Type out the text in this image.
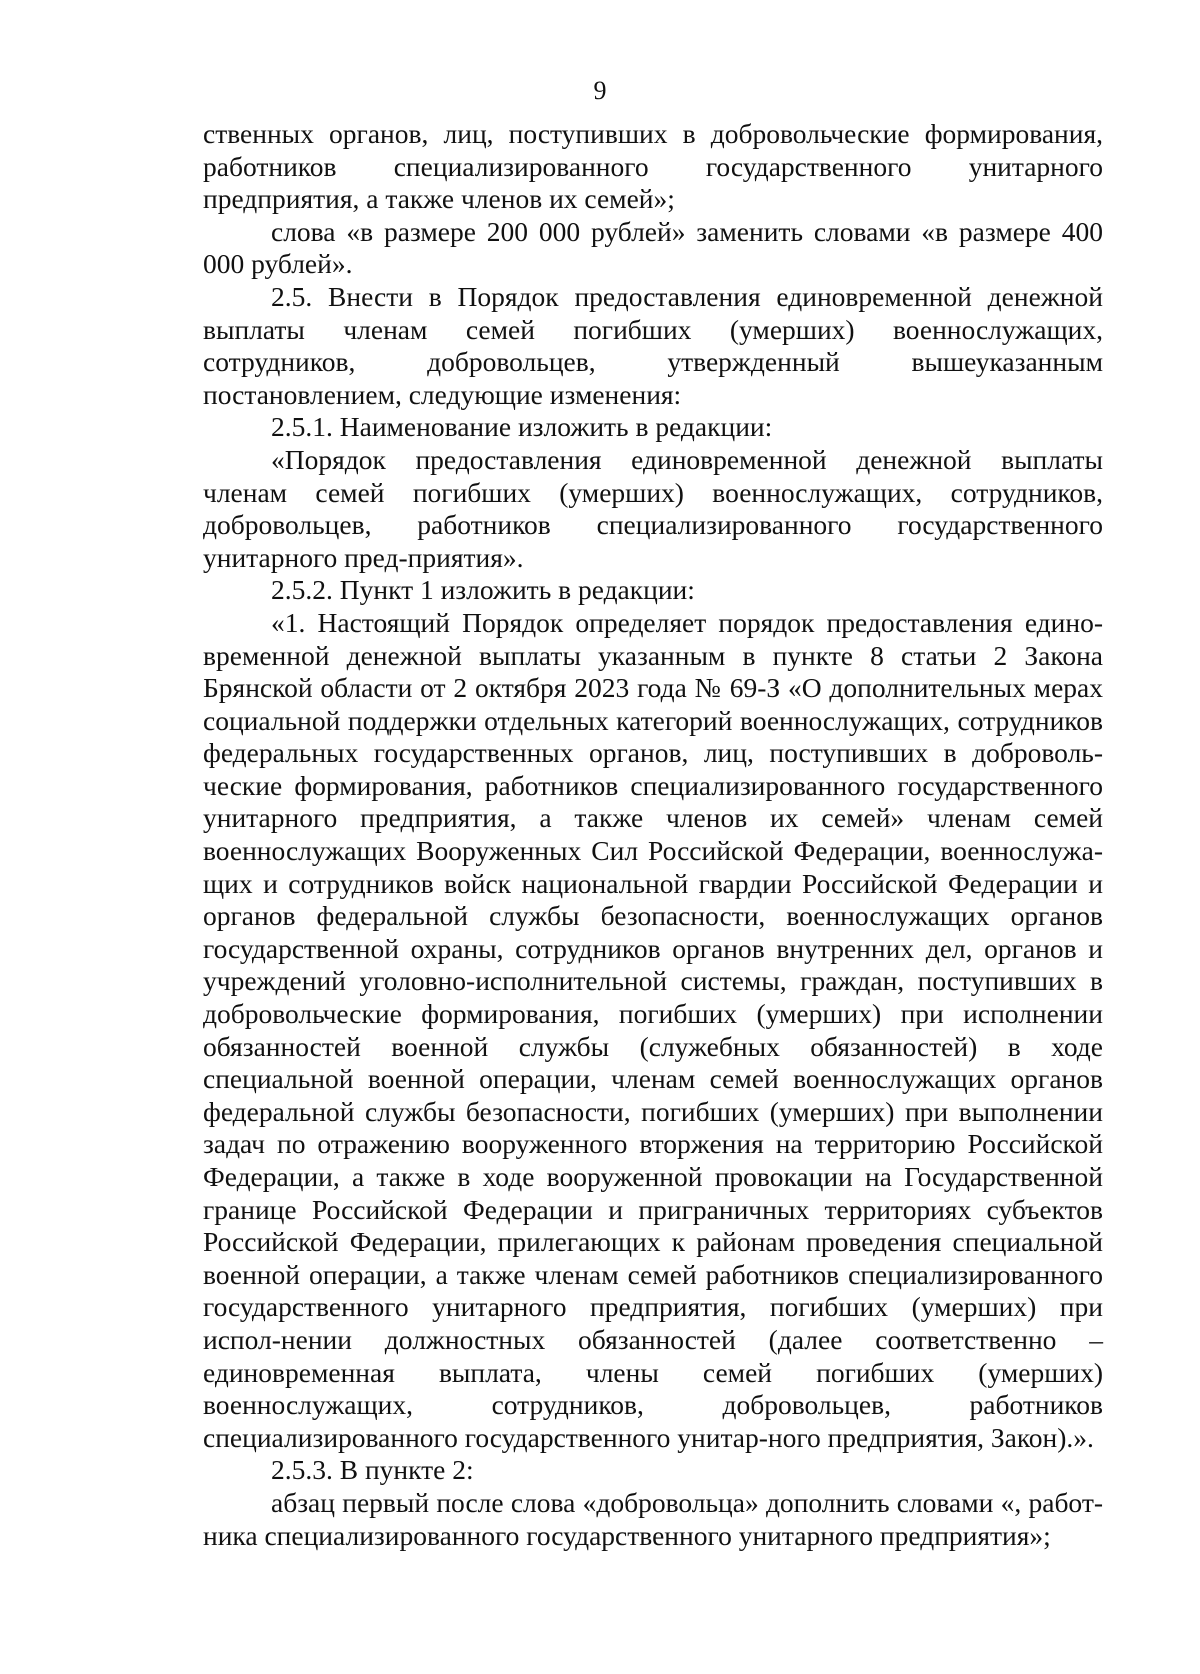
9

ственных органов, лиц, поступивших в добровольческие формирования, работников специализированного государственного унитарного предприятия, а также членов их семей»;

слова «в размере 200 000 рублей» заменить словами «в размере 400 000 рублей».

2.5. Внести в Порядок предоставления единовременной денежной выплаты членам семей погибших (умерших) военнослужащих, сотрудников, добровольцев, утвержденный вышеуказанным постановлением, следующие изменения:

2.5.1. Наименование изложить в редакции:

«Порядок предоставления единовременной денежной выплаты членам семей погибших (умерших) военнослужащих, сотрудников, добровольцев, работников специализированного государственного унитарного пред-приятия».

2.5.2. Пункт 1 изложить в редакции:

«1. Настоящий Порядок определяет порядок предоставления едино-временной денежной выплаты указанным в пункте 8 статьи 2 Закона Брянской области от 2 октября 2023 года № 69-З «О дополнительных мерах социальной поддержки отдельных категорий военнослужащих, сотрудников федеральных государственных органов, лиц, поступивших в доброволь-ческие формирования, работников специализированного государственного унитарного предприятия, а также членов их семей» членам семей военнослужащих Вооруженных Сил Российской Федерации, военнослужа-щих и сотрудников войск национальной гвардии Российской Федерации и органов федеральной службы безопасности, военнослужащих органов государственной охраны, сотрудников органов внутренних дел, органов и учреждений уголовно-исполнительной системы, граждан, поступивших в добровольческие формирования, погибших (умерших) при исполнении обязанностей военной службы (служебных обязанностей) в ходе специальной военной операции, членам семей военнослужащих органов федеральной службы безопасности, погибших (умерших) при выполнении задач по отражению вооруженного вторжения на территорию Российской Федерации, а также в ходе вооруженной провокации на Государственной границе Российской Федерации и приграничных территориях субъектов Российской Федерации, прилегающих к районам проведения специальной военной операции, а также членам семей работников специализированного государственного унитарного предприятия, погибших (умерших) при испол-нении должностных обязанностей (далее соответственно – единовременная выплата, члены семей погибших (умерших) военнослужащих, сотрудников, добровольцев, работников специализированного государственного унитар-ного предприятия, Закон).».

2.5.3. В пункте 2:

абзац первый после слова «добровольца» дополнить словами «, работ-ника специализированного государственного унитарного предприятия»;
